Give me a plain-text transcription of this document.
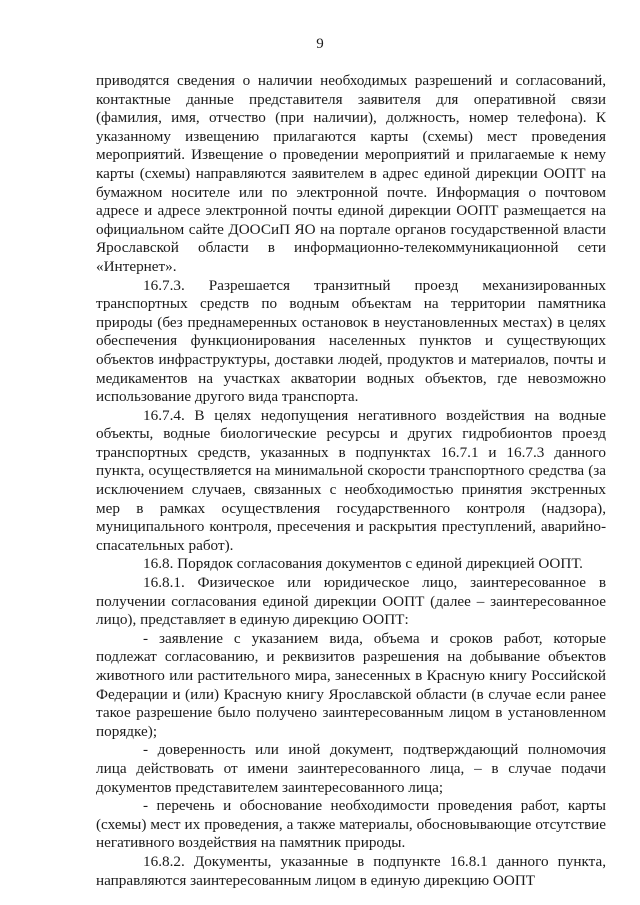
9

приводятся сведения о наличии необходимых разрешений и согласований, контактные данные представителя заявителя для оперативной связи (фамилия, имя, отчество (при наличии), должность, номер телефона). К указанному извещению прилагаются карты (схемы) мест проведения мероприятий. Извещение о проведении мероприятий и прилагаемые к нему карты (схемы) направляются заявителем в адрес единой дирекции ООПТ на бумажном носителе или по электронной почте. Информация о почтовом адресе и адресе электронной почты единой дирекции ООПТ размещается на официальном сайте ДООСиП ЯО на портале органов государственной власти Ярославской области в информационно-телекоммуникационной сети «Интернет».

16.7.3. Разрешается транзитный проезд механизированных транспортных средств по водным объектам на территории памятника природы (без преднамеренных остановок в неустановленных местах) в целях обеспечения функционирования населенных пунктов и существующих объектов инфраструктуры, доставки людей, продуктов и материалов, почты и медикаментов на участках акватории водных объектов, где невозможно использование другого вида транспорта.

16.7.4. В целях недопущения негативного воздействия на водные объекты, водные биологические ресурсы и других гидробионтов проезд транспортных средств, указанных в подпунктах 16.7.1 и 16.7.3 данного пункта, осуществляется на минимальной скорости транспортного средства (за исключением случаев, связанных с необходимостью принятия экстренных мер в рамках осуществления государственного контроля (надзора), муниципального контроля, пресечения и раскрытия преступлений, аварийно-спасательных работ).

16.8. Порядок согласования документов с единой дирекцией ООПТ.

16.8.1. Физическое или юридическое лицо, заинтересованное в получении согласования единой дирекции ООПТ (далее – заинтересованное лицо), представляет в единую дирекцию ООПТ:

- заявление с указанием вида, объема и сроков работ, которые подлежат согласованию, и реквизитов разрешения на добывание объектов животного или растительного мира, занесенных в Красную книгу Российской Федерации и (или) Красную книгу Ярославской области (в случае если ранее такое разрешение было получено заинтересованным лицом в установленном порядке);

- доверенность или иной документ, подтверждающий полномочия лица действовать от имени заинтересованного лица, – в случае подачи документов представителем заинтересованного лица;

- перечень и обоснование необходимости проведения работ, карты (схемы) мест их проведения, а также материалы, обосновывающие отсутствие негативного воздействия на памятник природы.

16.8.2. Документы, указанные в подпункте 16.8.1 данного пункта, направляются заинтересованным лицом в единую дирекцию ООПТ
